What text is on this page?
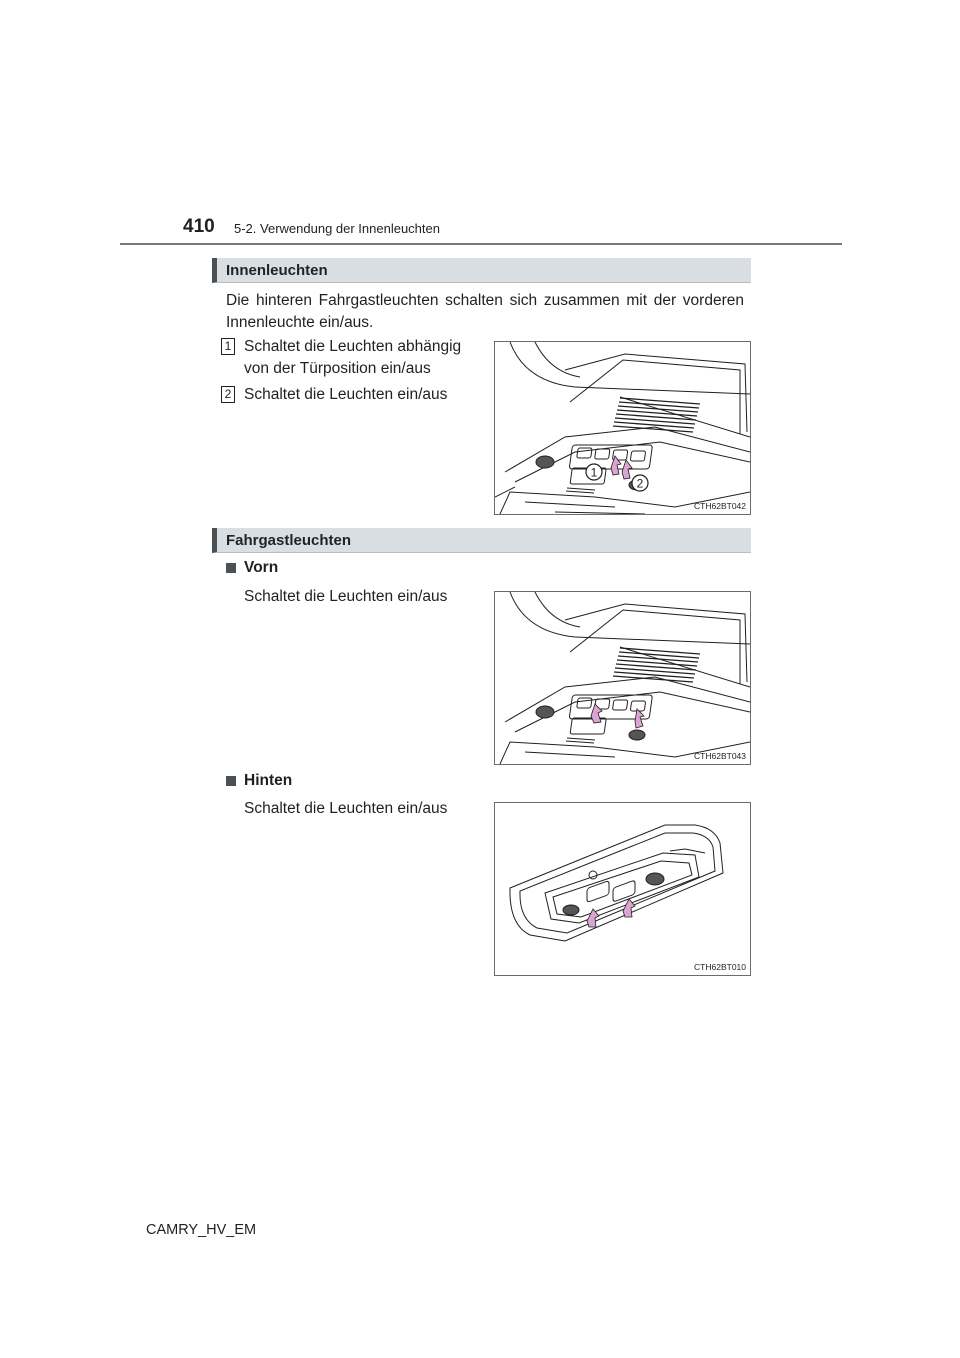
410 5-2. Verwendung der Innenleuchten
Innenleuchten
Die hinteren Fahrgastleuchten schalten sich zusammen mit der vorderen Innenleuchte ein/aus.
1 Schaltet die Leuchten abhängig
von der Türposition ein/aus
2 Schaltet die Leuchten ein/aus
1
2
CTH62BT042
Fahrgastleuchten
Vorn
Schaltet die Leuchten ein/aus
CTH62BT043
Hinten
Schaltet die Leuchten ein/aus
CTH62BT010
CAMRY_HV_EM
